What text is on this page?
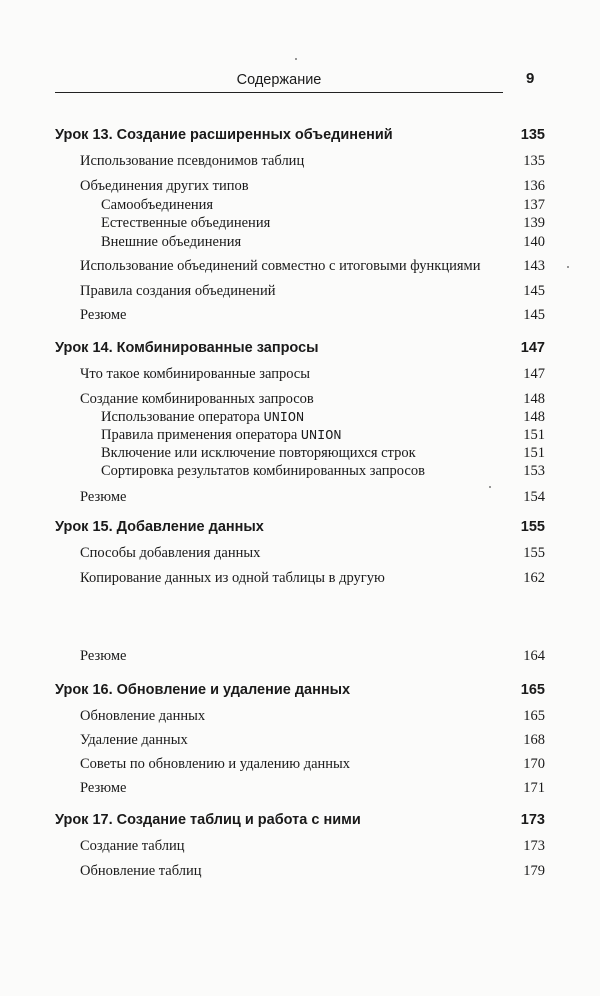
Содержание	9
Урок 13. Создание расширенных объединений	135
Использование псевдонимов таблиц	135
Объединения других типов	136
Самообъединения	137
Естественные объединения	139
Внешние объединения	140
Использование объединений совместно с итоговыми функциями	143
Правила создания объединений	145
Резюме	145
Урок 14. Комбинированные запросы	147
Что такое комбинированные запросы	147
Создание комбинированных запросов	148
Использование оператора UNION	148
Правила применения оператора UNION	151
Включение или исключение повторяющихся строк	151
Сортировка результатов комбинированных запросов	153
Резюме	154
Урок 15. Добавление данных	155
Способы добавления данных	155
Копирование данных из одной таблицы в другую	162
Резюме	164
Урок 16. Обновление и удаление данных	165
Обновление данных	165
Удаление данных	168
Советы по обновлению и удалению данных	170
Резюме	171
Урок 17. Создание таблиц и работа с ними	173
Создание таблиц	173
Обновление таблиц	179
